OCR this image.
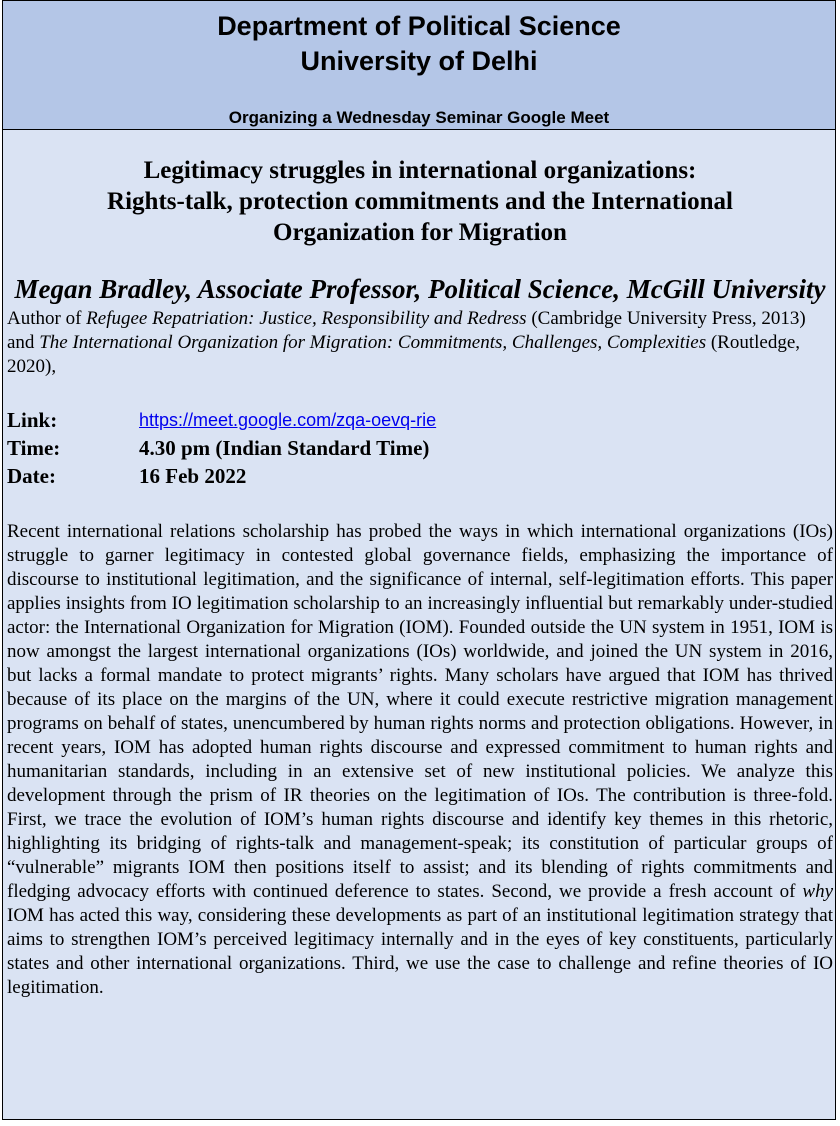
Department of Political Science
University of Delhi
Organizing a Wednesday Seminar Google Meet
Legitimacy struggles in international organizations:
Rights-talk, protection commitments and the International
Organization for Migration
Megan Bradley, Associate Professor, Political Science, McGill University
Author of Refugee Repatriation: Justice, Responsibility and Redress (Cambridge University Press, 2013) and The International Organization for Migration: Commitments, Challenges, Complexities (Routledge, 2020),
Link:	https://meet.google.com/zqa-oevq-rie
Time:	4.30 pm (Indian Standard Time)
Date:	16 Feb 2022
Recent international relations scholarship has probed the ways in which international organizations (IOs) struggle to garner legitimacy in contested global governance fields, emphasizing the importance of discourse to institutional legitimation, and the significance of internal, self-legitimation efforts. This paper applies insights from IO legitimation scholarship to an increasingly influential but remarkably under-studied actor: the International Organization for Migration (IOM). Founded outside the UN system in 1951, IOM is now amongst the largest international organizations (IOs) worldwide, and joined the UN system in 2016, but lacks a formal mandate to protect migrants’ rights. Many scholars have argued that IOM has thrived because of its place on the margins of the UN, where it could execute restrictive migration management programs on behalf of states, unencumbered by human rights norms and protection obligations. However, in recent years, IOM has adopted human rights discourse and expressed commitment to human rights and humanitarian standards, including in an extensive set of new institutional policies. We analyze this development through the prism of IR theories on the legitimation of IOs. The contribution is three-fold. First, we trace the evolution of IOM’s human rights discourse and identify key themes in this rhetoric, highlighting its bridging of rights-talk and management-speak; its constitution of particular groups of “vulnerable” migrants IOM then positions itself to assist; and its blending of rights commitments and fledging advocacy efforts with continued deference to states. Second, we provide a fresh account of why IOM has acted this way, considering these developments as part of an institutional legitimation strategy that aims to strengthen IOM’s perceived legitimacy internally and in the eyes of key constituents, particularly states and other international organizations. Third, we use the case to challenge and refine theories of IO legitimation.
